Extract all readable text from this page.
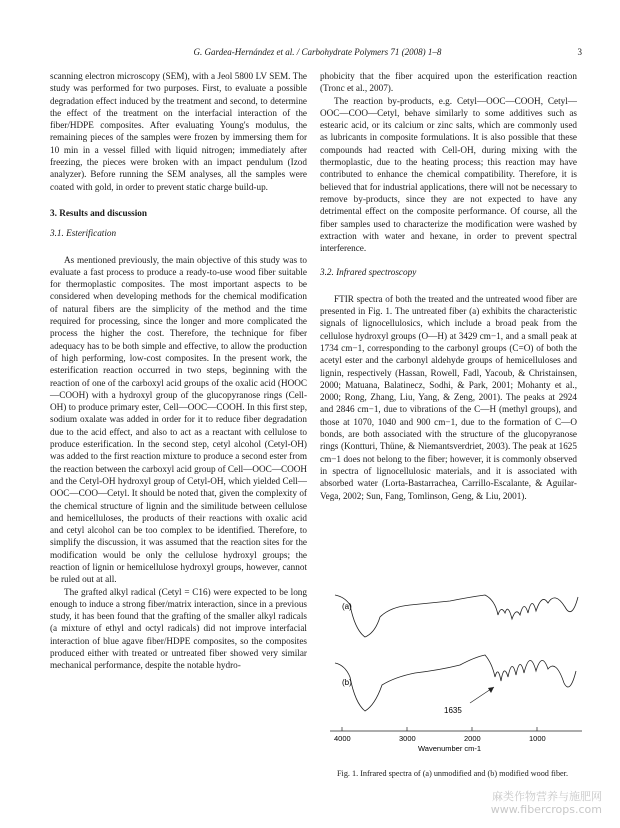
G. Gardea-Hernández et al. / Carbohydrate Polymers 71 (2008) 1–8	3

scanning electron microscopy (SEM), with a Jeol 5800 LV SEM. The study was performed for two purposes. First, to evaluate a possible degradation effect induced by the treatment and second, to determine the effect of the treatment on the interfacial interaction of the fiber/HDPE composites. After evaluating Young's modulus, the remaining pieces of the samples were frozen by immersing them for 10 min in a vessel filled with liquid nitrogen; immediately after freezing, the pieces were broken with an impact pendulum (Izod analyzer). Before running the SEM analyses, all the samples were coated with gold, in order to prevent static charge build-up.

3. Results and discussion
3.1. Esterification

As mentioned previously, the main objective of this study was to evaluate a fast process to produce a ready-to-use wood fiber suitable for thermoplastic composites. The most important aspects to be considered when developing methods for the chemical modification of natural fibers are the simplicity of the method and the time required for processing, since the longer and more complicated the process the higher the cost. Therefore, the technique for fiber adequacy has to be both simple and effective, to allow the production of high performing, low-cost composites. In the present work, the esterification reaction occurred in two steps, beginning with the reaction of one of the carboxyl acid groups of the oxalic acid (HOOC—COOH) with a hydroxyl group of the glucopyranose rings (Cell-OH) to produce primary ester, Cell—OOC—COOH. In this first step, sodium oxalate was added in order for it to reduce fiber degradation due to the acid effect, and also to act as a reactant with cellulose to produce esterification. In the second step, cetyl alcohol (Cetyl-OH) was added to the first reaction mixture to produce a second ester from the reaction between the carboxyl acid group of Cell—OOC—COOH and the Cetyl-OH hydroxyl group of Cetyl-OH, which yielded Cell—OOC—COO—Cetyl. It should be noted that, given the complexity of the chemical structure of lignin and the similitude between cellulose and hemicelluloses, the products of their reactions with oxalic acid and cetyl alcohol can be too complex to be identified. Therefore, to simplify the discussion, it was assumed that the reaction sites for the modification would be only the cellulose hydroxyl groups; the reaction of lignin or hemicellulose hydroxyl groups, however, cannot be ruled out at all.

The grafted alkyl radical (Cetyl = C16) were expected to be long enough to induce a strong fiber/matrix interaction, since in a previous study, it has been found that the grafting of the smaller alkyl radicals (a mixture of ethyl and octyl radicals) did not improve interfacial interaction of blue agave fiber/HDPE composites, so the composites produced either with treated or untreated fiber showed very similar mechanical performance, despite the notable hydro-

phobicity that the fiber acquired upon the esterification reaction (Tronc et al., 2007).

The reaction by-products, e.g. Cetyl—OOC—COOH, Cetyl—OOC—COO—Cetyl, behave similarly to some additives such as estearic acid, or its calcium or zinc salts, which are commonly used as lubricants in composite formulations. It is also possible that these compounds had reacted with Cell-OH, during mixing with the thermoplastic, due to the heating process; this reaction may have contributed to enhance the chemical compatibility. Therefore, it is believed that for industrial applications, there will not be necessary to remove by-products, since they are not expected to have any detrimental effect on the composite performance. Of course, all the fiber samples used to characterize the modification were washed by extraction with water and hexane, in order to prevent spectral interference.

3.2. Infrared spectroscopy

FTIR spectra of both the treated and the untreated wood fiber are presented in Fig. 1. The untreated fiber (a) exhibits the characteristic signals of lignocellulosics, which include a broad peak from the cellulose hydroxyl groups (O—H) at 3429 cm−1, and a small peak at 1734 cm−1, corresponding to the carbonyl groups (C=O) of both the acetyl ester and the carbonyl aldehyde groups of hemicelluloses and lignin, respectively (Hassan, Rowell, Fadl, Yacoub, & Christainsen, 2000; Matuana, Balatinecz, Sodhi, & Park, 2001; Mohanty et al., 2000; Rong, Zhang, Liu, Yang, & Zeng, 2001). The peaks at 2924 and 2846 cm−1, due to vibrations of the C—H (methyl groups), and those at 1070, 1040 and 900 cm−1, due to the formation of C—O bonds, are both associated with the structure of the glucopyranose rings (Kontturi, Thüne, & Niemantsverdriet, 2003). The peak at 1625 cm−1 does not belong to the fiber; however, it is commonly observed in spectra of lignocellulosic materials, and it is associated with absorbed water (Lorta-Bastarrachea, Carrillo-Escalante, & Aguilar-Vega, 2002; Sun, Fang, Tomlinson, Geng, & Liu, 2001).

(a)
(b)
1635
4000	3000	2000	1000
Wavenumber cm-1
Fig. 1. Infrared spectra of (a) unmodified and (b) modified wood fiber.
麻类作物营养与施肥网
www.fibercrops.com
